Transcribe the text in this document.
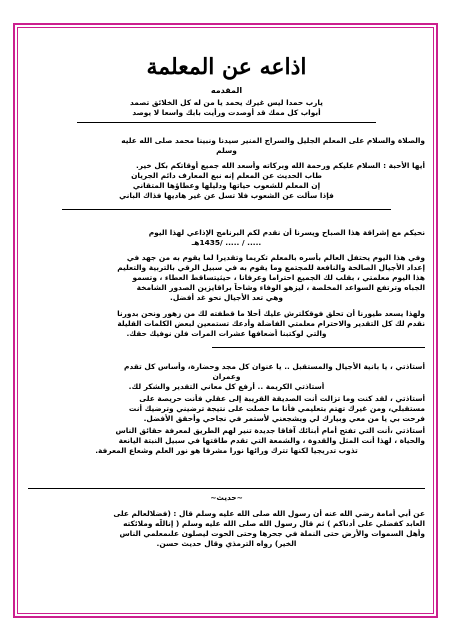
اذاعه عن المعلمة
المقدمه
يارب حمدا ليس غيرك يحمد يا من له كل الخلائق تصمد
أبواب كل ممك قد أوصدت ورأيت بابك واسعا لا يوصد
والصلاة والسلام على المعلم الجليل والسراج المنير سيدنا ونبينا محمد صلى الله عليه
وسلم
أيها الأحبة : السلام عليكم ورحمة الله وبركاته وأسعد الله جميع أوقاتكم بكل خير.
طاب الحديث عن المعلم إنه نبع المعارف دائم الجريان
إن المعلم للشعوب حياتها ودليلها وعطاؤها المتقاني
فإذا سألت عن الشعوب فلا تسل عن غير هاديها فذاك الباني
نحيكم مع إشراقة هذا الصباح ويسرنا أن نقدم لكم البرنامج الإذاعي لهذا اليوم
..... / ..... /1435هـ
وفي هذا اليوم يحتفل العالم بأسره بالمعلم تكريما وتقديرا لما يقوم به من جهد في
إعداد الأجيال الصالحة والنافعة للمجتمع وما يقوم به في سبيل الرقي بالتربية والتعليم
هذا اليوم معلمتي ، بقلب لك الجميع احتراما وعرفانا ، حيثيتساقط العطاء ، وتسمو
الجباه وترتفع السواعد المخلصة ، ليزهو الوفاء وشاحاً براقايزين الصدور الشامخة
وهي تعد الأجيال نحو غد أفضل.
ولهذا يسعد طيورنا أن تحلق فوقكلترش عليك أحلا ما قطفته لك من زهور ونحن بدورنا
نقدم لك كل التقدير والاحترام معلمتي الفاضلة وأدعك تستمعين لبعض الكلمات القليلة
والتي لوكتبنا أضعافها عشرات المرات فلن نوفيك حقك.
أستاذتي ، يا بانية الأجيال والمستقبل .. يا عنوان كل مجد وحضارة، وأساس كل تقدم
وعمران
أستاذتي الكريمة .. أرفع كل معاني التقدير والشكر لك.
أستاذتي ، لقد كنت وما تزالت أنت الصديقة القريبة إلى عقلي فأنت حريصة على
مستقبلي، ومن غيرك تهتم بتعليمي فأنا ما حصلت على نتيجة ترضيني وترضيك أنت
فرحت بي يا من معي وبيارك لي ويشجعني لأستمر في نجاحي وأحقق الأفضل.
أستاذتي ،أنت التي تفتح أمام أبنائك آفاقا جديدة تنير لهم الطريق لمعرفة حقائق الناس
والحياة ، لهذا أنت المثل والقدوة ، والشمعة التي تقدم طاقتها في سبيل النبتة اليانعة
تذوب تدريجيا لكنها تترك ورائها نورا مشرقا هو نور العلم وشعاع المعرفة.
~حديث~
عن أبي أمامة رضي الله عنه أن رسول الله صلى الله عليه وسلم قال : (فضلالعالم على
العابد كفضلي على أدناكم ) ثم قال رسول الله صلى الله عليه وسلم ( إناللّه وملائكته
وأهل السموات والأرض حتى النملة في جحرها وحتى الحوت ليصلون علىمعلمي الناس
الخير) رواه الترمذي وقال حديث حسن.
